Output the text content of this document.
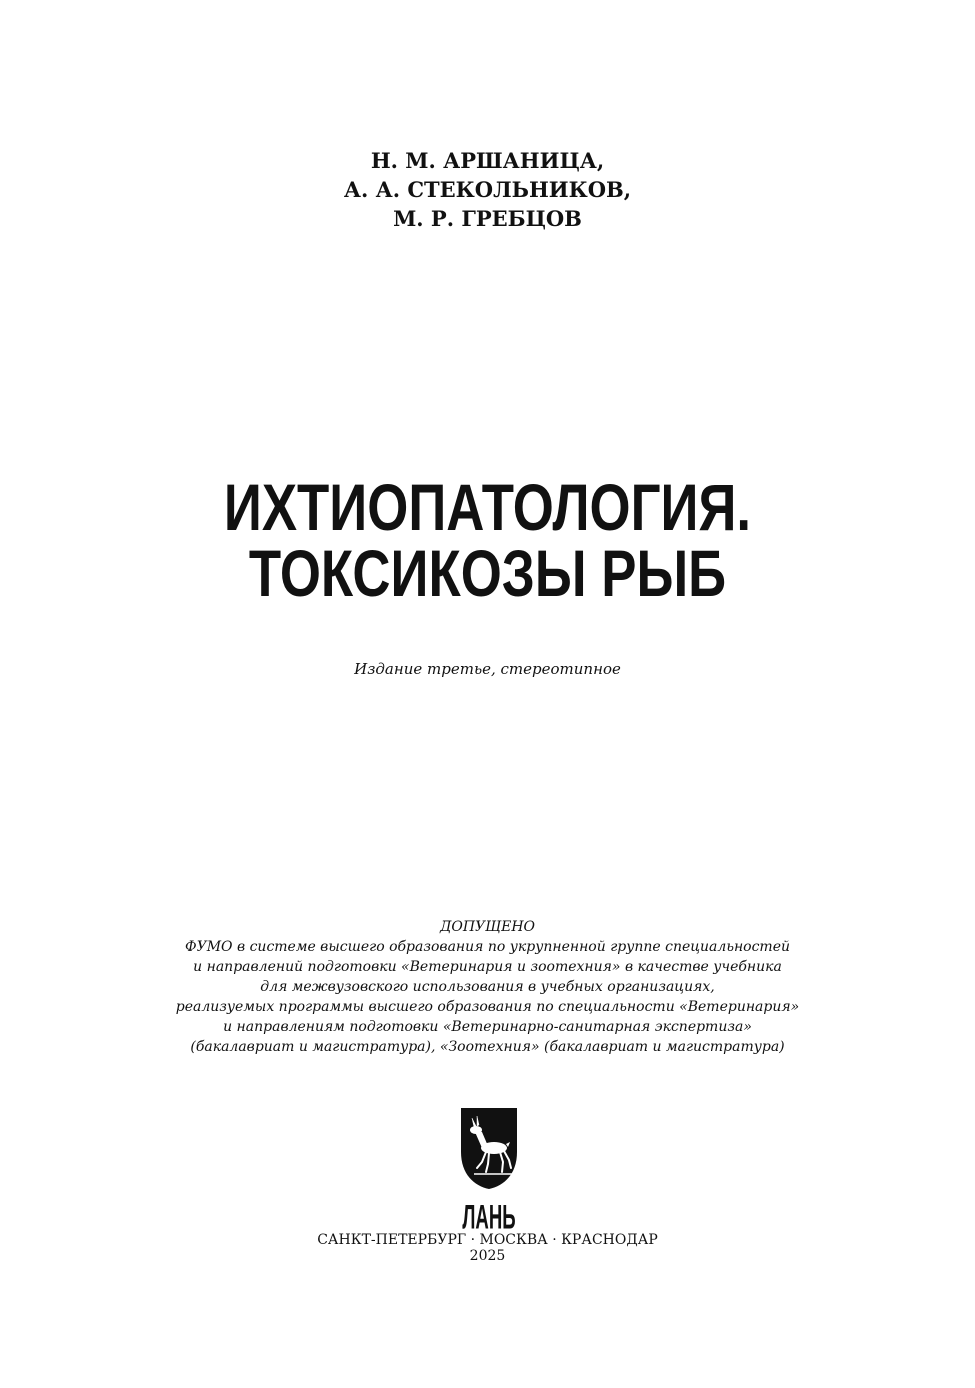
Н. М. АРШАНИЦА,
А. А. СТЕКОЛЬНИКОВ,
М. Р. ГРЕБЦОВ
ИХТИОПАТОЛОГИЯ.
ТОКСИКОЗЫ РЫБ
Издание третье, стереотипное
ДОПУЩЕНО
ФУМО в системе высшего образования по укрупненной группе специальностей
и направлений подготовки «Ветеринария и зоотехния» в качестве учебника
для межвузовского использования в учебных организациях,
реализуемых программы высшего образования по специальности «Ветеринария»
и направлениям подготовки «Ветеринарно-санитарная экспертиза»
(бакалавриат и магистратура), «Зоотехния» (бакалавриат и магистратура)
ЛАНЬ
САНКТ-ПЕТЕРБУРГ · МОСКВА · КРАСНОДАР
2025
